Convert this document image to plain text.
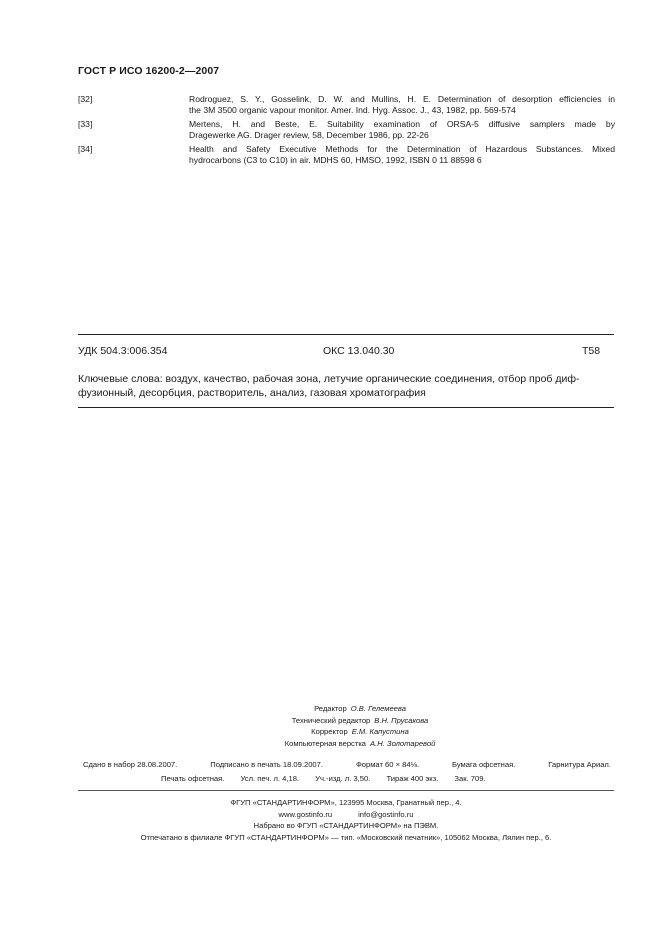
ГОСТ Р ИСО 16200-2—2007
[32]	Rodroguez, S. Y., Gosselink, D. W. and Mullins, H. E. Determination of desorption efficiencies in
the 3M 3500 organic vapour monitor. Amer. Ind. Hyg. Assoc. J., 43, 1982, pp. 569-574
[33]	Mertens, H. and Beste, E. Suitability examination of ORSA-5 diffusive samplers made by
Dragewerke AG. Drager review, 58, December 1986, pp. 22-26
[34]	Health and Safety Executive Methods for the Determination of Hazardous Substances. Mixed
hydrocarbons (C3 to C10) in air. MDHS 60, HMSO, 1992, ISBN 0 11 88598 6
УДК 504.3:006.354	ОКС 13.040.30	T58
Ключевые слова: воздух, качество, рабочая зона, летучие органические соединения, отбор проб диф-
фузионный, десорбция, растворитель, анализ, газовая хроматография
Редактор О.В. Гелемеева
Технический редактор В.Н. Прусакова
Корректор Е.М. Капустина
Компьютерная верстка А.Н. Золотаревой
Сдано в набор 28.08.2007.	Подписано в печать 18.09.2007.	Формат 60 × 84⅛.	Бумага офсетная.	Гарнитура Ариал.
Печать офсетная. Усл. печ. л. 4,18. Уч.-изд. л. 3,50. Тираж 400 экз. Зак. 709.
ФГУП «СТАНДАРТИНФОРМ», 123995 Москва, Гранатный пер., 4.
www.gostinfo.ru	info@gostinfo.ru
Набрано во ФГУП «СТАНДАРТИНФОРМ» на ПЭВМ.
Отпечатано в филиале ФГУП «СТАНДАРТИНФОРМ» — тип. «Московский печатник», 105062 Москва, Лялин пер., 6.
